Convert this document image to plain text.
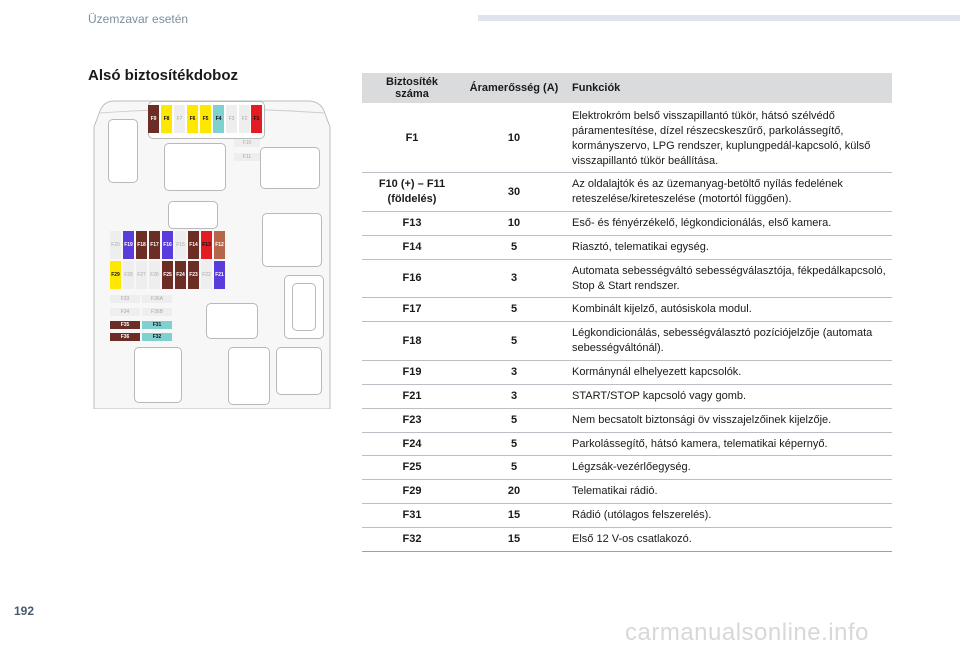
Üzemzavar esetén
Alsó biztosítékdoboz
F9	F8	F7	F6	F5	F4	F3	F2	F1
F10
F11
F20 F19 F18 F17 F16 F15 F14 F13 F12
F29 F28 F27 F26 F25 F24 F23 F22 F21
F33	F36A
F34	F36B
F35	F31
F36	F32
Biztosíték száma	Áramerősség (A)	Funkciók
F1	10	Elektrokróm belső visszapillantó tükör, hátsó szélvédő páramentesítése, dízel részecskeszűrő, parkolássegítő, kormányszervo, LPG rendszer, kuplungpedál-kapcsoló, külső visszapillantó tükör beállítása.
F10 (+) – F11 (földelés)	30	Az oldalajtók és az üzemanyag-betöltő nyílás fedelének reteszelése/kireteszelése (motortól függően).
F13	10	Eső- és fényérzékelő, légkondicionálás, első kamera.
F14	5	Riasztó, telematikai egység.
F16	3	Automata sebességváltó sebességválasztója, fékpedálkapcsoló, Stop & Start rendszer.
F17	5	Kombinált kijelző, autósiskola modul.
F18	5	Légkondicionálás, sebességválasztó pozíciójelzője (automata sebességváltónál).
F19	3	Kormánynál elhelyezett kapcsolók.
F21	3	START/STOP kapcsoló vagy gomb.
F23	5	Nem becsatolt biztonsági öv visszajelzőinek kijelzője.
F24	5	Parkolássegítő, hátsó kamera, telematikai képernyő.
F25	5	Légzsák-vezérlőegység.
F29	20	Telematikai rádió.
F31	15	Rádió (utólagos felszerelés).
F32	15	Első 12 V-os csatlakozó.
192
carmanualsonline.info
